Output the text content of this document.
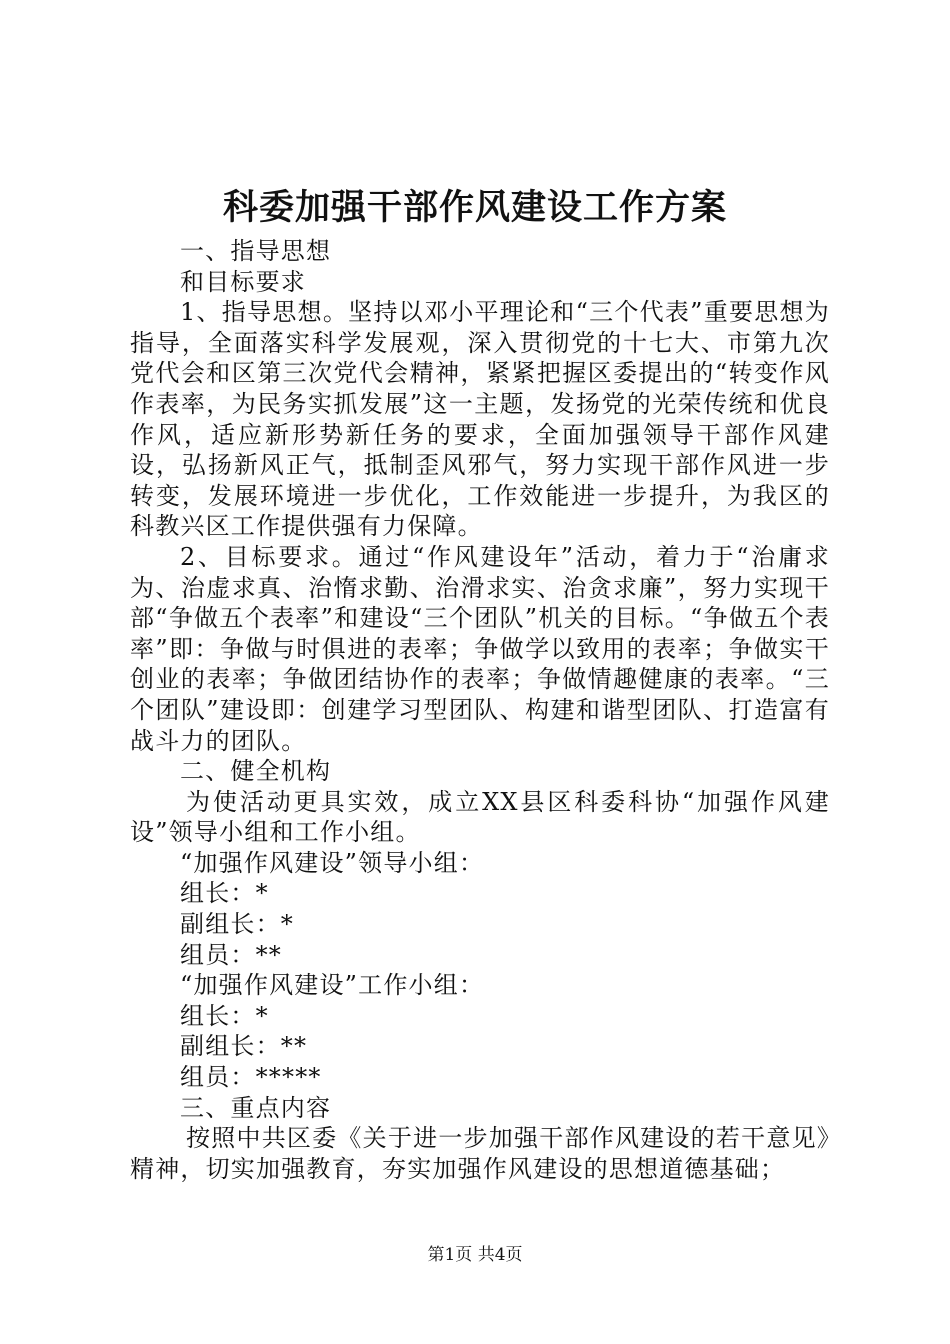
科委加强干部作风建设工作方案

一、指导思想

和目标要求

1、指导思想。坚持以邓小平理论和“三个代表”重要思想为指导，全面落实科学发展观，深入贯彻党的十七大、市第九次党代会和区第三次党代会精神，紧紧把握区委提出的“转变作风作表率，为民务实抓发展”这一主题，发扬党的光荣传统和优良作风，适应新形势新任务的要求，全面加强领导干部作风建设，弘扬新风正气，抵制歪风邪气，努力实现干部作风进一步转变，发展环境进一步优化，工作效能进一步提升，为我区的科教兴区工作提供强有力保障。

2、目标要求。通过“作风建设年”活动，着力于“治庸求为、治虚求真、治惰求勤、治滑求实、治贪求廉”，努力实现干部“争做五个表率”和建设“三个团队”机关的目标。“争做五个表率”即：争做与时俱进的表率；争做学以致用的表率；争做实干创业的表率；争做团结协作的表率；争做情趣健康的表率。“三个团队”建设即：创建学习型团队、构建和谐型团队、打造富有战斗力的团队。

二、健全机构

为使活动更具实效，成立XX县区科委科协“加强作风建设”领导小组和工作小组。

“加强作风建设”领导小组：

组长：*

副组长：*

组员：**

“加强作风建设”工作小组：

组长：*

副组长：**

组员：*****

三、重点内容

按照中共区委《关于进一步加强干部作风建设的若干意见》精神，切实加强教育，夯实加强作风建设的思想道德基础；

第1页 共4页
